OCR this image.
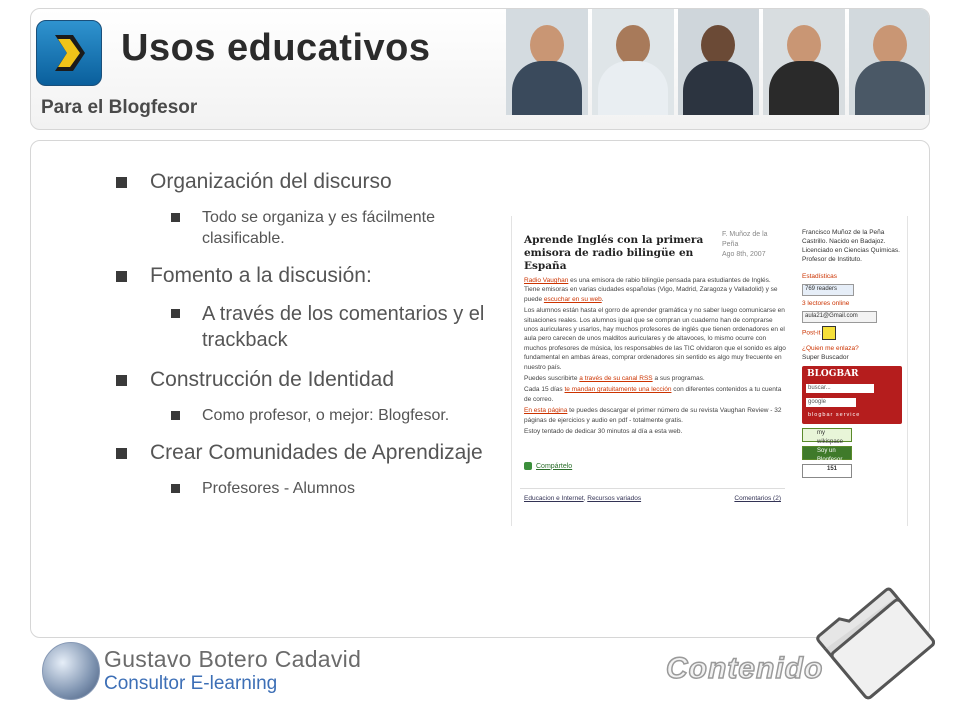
Usos educativos
Para el Blogfesor
Organización del discurso
Todo se organiza y es fácilmente clasificable.
Fomento a la discusión:
A través de los comentarios y el trackback
Construcción de Identidad
Como profesor, o mejor: Blogfesor.
Crear Comunidades de Aprendizaje
Profesores - Alumnos
Aprende Inglés con la primera emisora de radio bilingüe en España
F. Muñoz de la Peña
Ago 8th, 2007

Radio Vaughan es una emisora de rabio bilingüe pensada para estudiantes de Inglés. Tiene emisoras en varias ciudades españolas (Vigo, Madrid, Zaragoza y Valladolid) y se puede escuchar en su web.

Los alumnos están hasta el gorro de aprender gramática y no saber luego comunicarse en situaciones reales. Los alumnos igual que se compran un cuaderno han de comprarse unos auriculares y usarlos, hay muchos profesores de inglés que tienen ordenadores en el aula pero carecen de unos malditos auriculares y de altavoces, lo mismo ocurre con muchos profesores de música, los responsables de las TIC olvidaron que el sonido es algo fundamental en ambas áreas, comprar ordenadores sin sentido es algo muy frecuente en nuestro país.

Puedes suscribirte a través de su canal RSS a sus programas.

Cada 15 días te mandan gratuitamente una lección con diferentes contenidos a tu cuenta de correo.

En esta página te puedes descargar el primer número de su revista Vaughan Review - 32 páginas de ejercicios y audio en pdf - totalmente gratis.

Estoy tentado de dedicar 30 minutos al día a esta web.

Compártelo
Educacion e Internet, Recursos variados	Comentarios (2)
Francisco Muñoz de la Peña Castrillo. Nacido en Badajoz. Licenciado en Ciencias Químicas. Profesor de Instituto.
Estadísticas
769 readers
3 lectores online
aula21@Gmail.com
Post-it
¿Quien me enlaza?
Super Buscador
BLOGBAR
buscar...
google
blogbar service
my wikispace
Soy un Blogfesor
151
Gustavo Botero Cadavid
Consultor E-learning	Contenido
